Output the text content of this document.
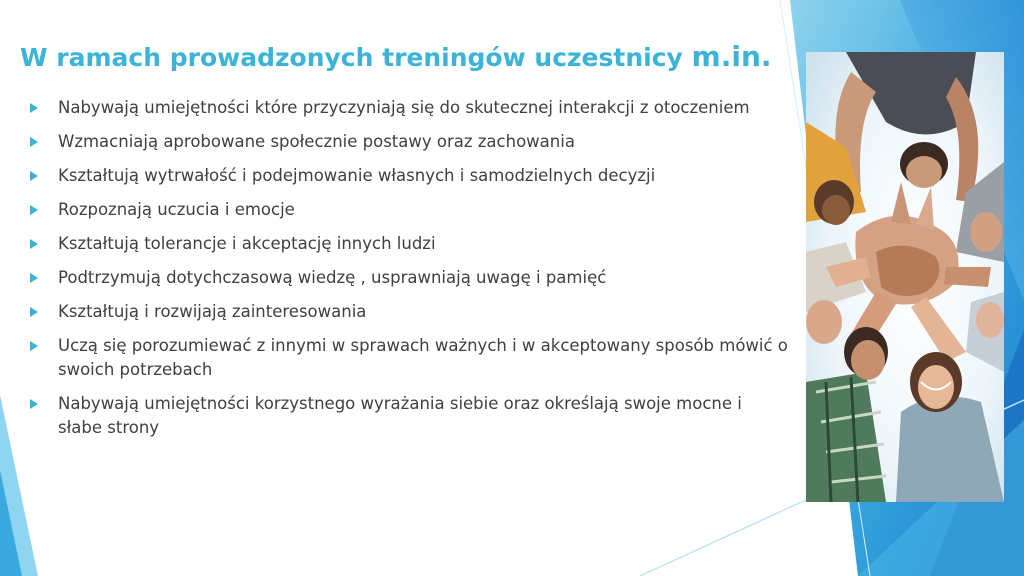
W ramach prowadzonych treningów uczestnicy m.in.
Nabywają umiejętności które przyczyniają się do skutecznej interakcji z otoczeniem
Wzmacniają aprobowane społecznie postawy oraz zachowania
Kształtują wytrwałość i podejmowanie własnych i samodzielnych decyzji
Rozpoznają uczucia i emocje
Kształtują tolerancje i akceptację innych ludzi
Podtrzymują dotychczasową wiedzę , usprawniają uwagę i pamięć
Kształtują i rozwijają zainteresowania
Uczą się porozumiewać z innymi w sprawach ważnych i w akceptowany sposób mówić o swoich potrzebach
Nabywają umiejętności korzystnego wyrażania siebie oraz określają swoje mocne i słabe strony
